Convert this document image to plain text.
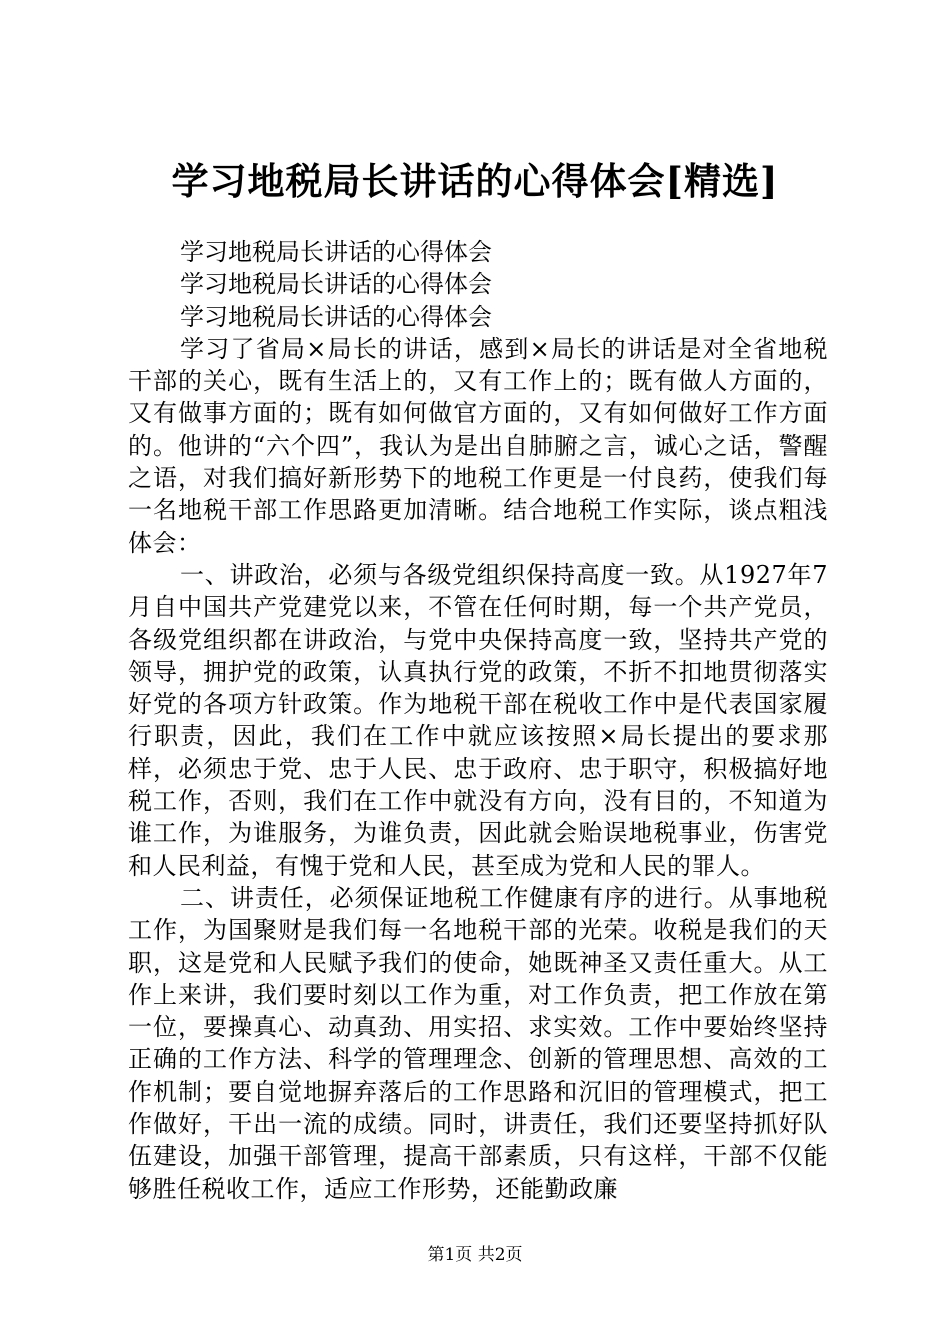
学习地税局长讲话的心得体会[精选]

学习地税局长讲话的心得体会

学习地税局长讲话的心得体会

学习地税局长讲话的心得体会

学习了省局×局长的讲话，感到×局长的讲话是对全省地税干部的关心，既有生活上的，又有工作上的；既有做人方面的，又有做事方面的；既有如何做官方面的，又有如何做好工作方面的。他讲的“六个四”，我认为是出自肺腑之言，诚心之话，警醒之语，对我们搞好新形势下的地税工作更是一付良药，使我们每一名地税干部工作思路更加清晰。结合地税工作实际，谈点粗浅体会：

一、讲政治，必须与各级党组织保持高度一致。从1927年7月自中国共产党建党以来，不管在任何时期，每一个共产党员，各级党组织都在讲政治，与党中央保持高度一致，坚持共产党的领导，拥护党的政策，认真执行党的政策，不折不扣地贯彻落实好党的各项方针政策。作为地税干部在税收工作中是代表国家履行职责，因此，我们在工作中就应该按照×局长提出的要求那样，必须忠于党、忠于人民、忠于政府、忠于职守，积极搞好地税工作，否则，我们在工作中就没有方向，没有目的，不知道为谁工作，为谁服务，为谁负责，因此就会贻误地税事业，伤害党和人民利益，有愧于党和人民，甚至成为党和人民的罪人。

二、讲责任，必须保证地税工作健康有序的进行。从事地税工作，为国聚财是我们每一名地税干部的光荣。收税是我们的天职，这是党和人民赋予我们的使命，她既神圣又责任重大。从工作上来讲，我们要时刻以工作为重，对工作负责，把工作放在第一位，要操真心、动真劲、用实招、求实效。工作中要始终坚持正确的工作方法、科学的管理理念、创新的管理思想、高效的工作机制；要自觉地摒弃落后的工作思路和沉旧的管理模式，把工作做好，干出一流的成绩。同时，讲责任，我们还要坚持抓好队伍建设，加强干部管理，提高干部素质，只有这样，干部不仅能够胜任税收工作，适应工作形势，还能勤政廉

第1页 共2页
